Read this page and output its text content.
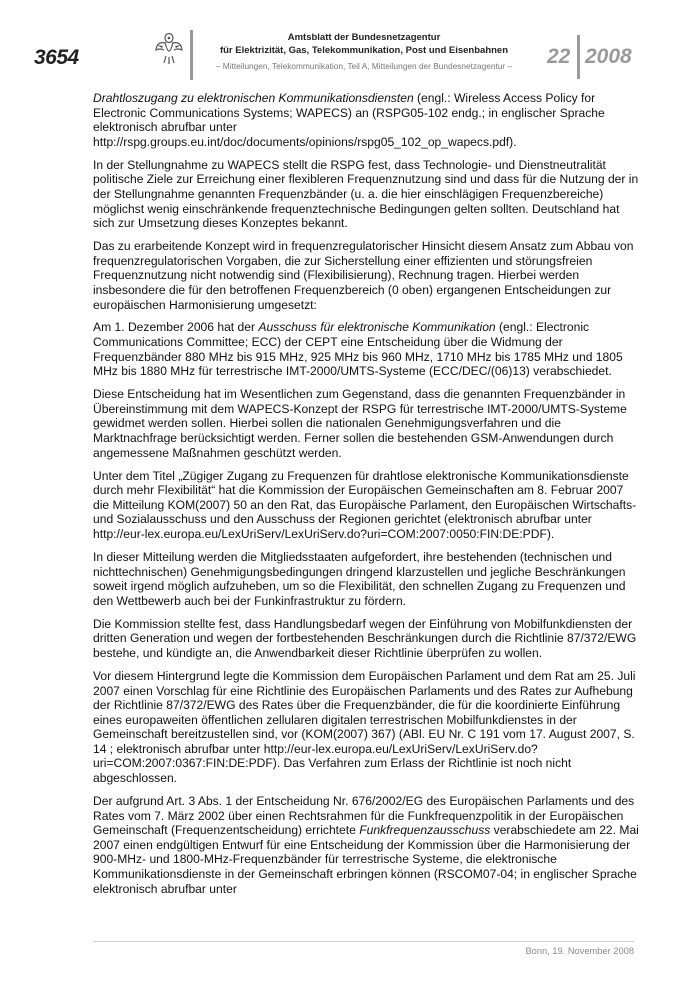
3654
Amtsblatt der Bundesnetzagentur
für Elektrizität, Gas, Telekommunikation, Post und Eisenbahnen
– Mitteilungen, Telekommunikation, Teil A, Mitteilungen der Bundesnetzagentur –	22 2008

Drahtloszugang zu elektronischen Kommunikationsdiensten (engl.: Wireless Access Policy for Electronic Communications Systems; WAPECS) an (RSPG05-102 endg.; in englischer Sprache elektronisch abrufbar unter http://rspg.groups.eu.int/doc/documents/opinions/rspg05_102_op_wapecs.pdf).

In der Stellungnahme zu WAPECS stellt die RSPG fest, dass Technologie- und Dienstneutralität politische Ziele zur Erreichung einer flexibleren Frequenznutzung sind und dass für die Nutzung der in der Stellungnahme genannten Frequenzbänder (u. a. die hier einschlägigen Frequenzbereiche) möglichst wenig einschränkende frequenztechnische Bedingungen gelten sollten. Deutschland hat sich zur Umsetzung dieses Konzeptes bekannt.

Das zu erarbeitende Konzept wird in frequenzregulatorischer Hinsicht diesem Ansatz zum Abbau von frequenzregulatorischen Vorgaben, die zur Sicherstellung einer effizienten und störungsfreien Frequenznutzung nicht notwendig sind (Flexibilisierung), Rechnung tragen. Hierbei werden insbesondere die für den betroffenen Frequenzbereich (0 oben) ergangenen Entscheidungen zur europäischen Harmonisierung umgesetzt:

Am 1. Dezember 2006 hat der Ausschuss für elektronische Kommunikation (engl.: Electronic Communications Committee; ECC) der CEPT eine Entscheidung über die Widmung der Frequenzbänder 880 MHz bis 915 MHz, 925 MHz bis 960 MHz, 1710 MHz bis 1785 MHz und 1805 MHz bis 1880 MHz für terrestrische IMT-2000/UMTS-Systeme (ECC/DEC/(06)13) verabschiedet.

Diese Entscheidung hat im Wesentlichen zum Gegenstand, dass die genannten Frequenzbänder in Übereinstimmung mit dem WAPECS-Konzept der RSPG für terrestrische IMT-2000/UMTS-Systeme gewidmet werden sollen. Hierbei sollen die nationalen Genehmigungsverfahren und die Marktnachfrage berücksichtigt werden. Ferner sollen die bestehenden GSM-Anwendungen durch angemessene Maßnahmen geschützt werden.

Unter dem Titel „Zügiger Zugang zu Frequenzen für drahtlose elektronische Kommunikationsdienste durch mehr Flexibilität“ hat die Kommission der Europäischen Gemeinschaften am 8. Februar 2007 die Mitteilung KOM(2007) 50 an den Rat, das Europäische Parlament, den Europäischen Wirtschafts- und Sozialausschuss und den Ausschuss der Regionen gerichtet (elektronisch abrufbar unter http://eur-lex.europa.eu/LexUriServ/LexUriServ.do?uri=COM:2007:0050:FIN:DE:PDF).

In dieser Mitteilung werden die Mitgliedsstaaten aufgefordert, ihre bestehenden (technischen und nichttechnischen) Genehmigungsbedingungen dringend klarzustellen und jegliche Beschränkungen soweit irgend möglich aufzuheben, um so die Flexibilität, den schnellen Zugang zu Frequenzen und den Wettbewerb auch bei der Funkinfrastruktur zu fördern.

Die Kommission stellte fest, dass Handlungsbedarf wegen der Einführung von Mobilfunkdiensten der dritten Generation und wegen der fortbestehenden Beschränkungen durch die Richtlinie 87/372/EWG bestehe, und kündigte an, die Anwendbarkeit dieser Richtlinie überprüfen zu wollen.

Vor diesem Hintergrund legte die Kommission dem Europäischen Parlament und dem Rat am 25. Juli 2007 einen Vorschlag für eine Richtlinie des Europäischen Parlaments und des Rates zur Aufhebung der Richtlinie 87/372/EWG des Rates über die Frequenzbänder, die für die koordinierte Einführung eines europaweiten öffentlichen zellularen digitalen terrestrischen Mobilfunkdienstes in der Gemeinschaft bereitzustellen sind, vor (KOM(2007) 367) (ABl. EU Nr. C 191 vom 17. August 2007, S. 14 ; elektronisch abrufbar unter http://eur-lex.europa.eu/LexUriServ/LexUriServ.do?uri=COM:2007:0367:FIN:DE:PDF). Das Verfahren zum Erlass der Richtlinie ist noch nicht abgeschlossen.

Der aufgrund Art. 3 Abs. 1 der Entscheidung Nr. 676/2002/EG des Europäischen Parlaments und des Rates vom 7. März 2002 über einen Rechtsrahmen für die Funkfrequenzpolitik in der Europäischen Gemeinschaft (Frequenzentscheidung) errichtete Funkfrequenzausschuss verabschiedete am 22. Mai 2007 einen endgültigen Entwurf für eine Entscheidung der Kommission über die Harmonisierung der 900-MHz- und 1800-MHz-Frequenzbänder für terrestrische Systeme, die elektronische Kommunikationsdienste in der Gemeinschaft erbringen können (RSCOM07-04; in englischer Sprache elektronisch abrufbar unter

Bonn, 19. November 2008
